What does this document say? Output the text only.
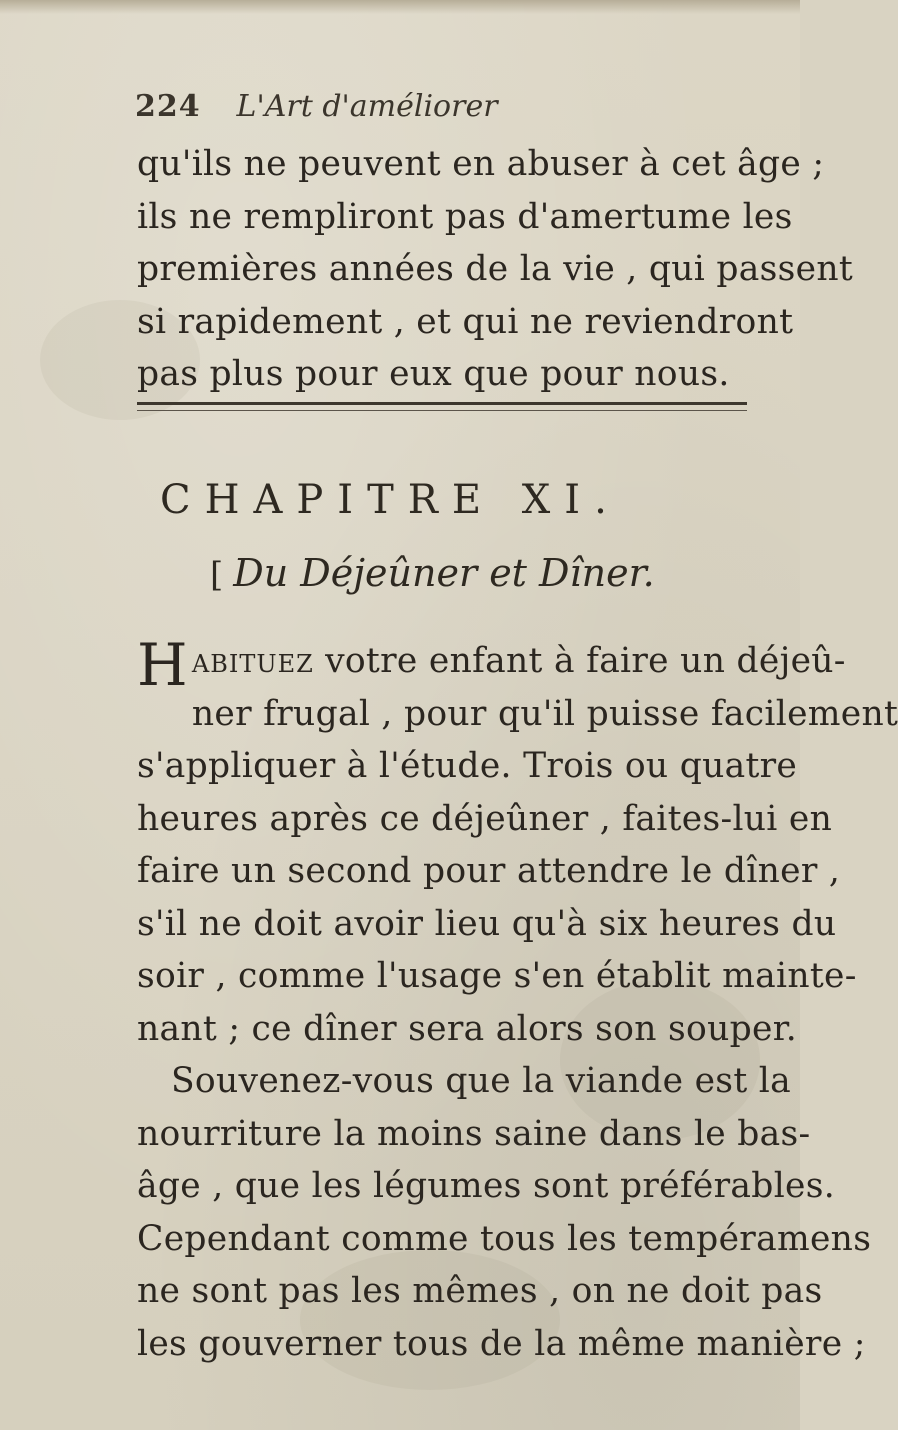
224 L'Art d'améliorer
qu'ils ne peuvent en abuser à cet âge ;
ils ne rempliront pas d'amertume les
premières années de la vie , qui passent
si rapidement , et qui ne reviendront
pas plus pour eux que pour nous.
CHAPITRE XI.
[ Du Déjeûner et Dîner.
Habituez votre enfant à faire un déjeû-
ner frugal , pour qu'il puisse facilement
s'appliquer à l'étude. Trois ou quatre
heures après ce déjeûner , faites-lui en
faire un second pour attendre le dîner ,
s'il ne doit avoir lieu qu'à six heures du
soir , comme l'usage s'en établit mainte-
nant ; ce dîner sera alors son souper.
Souvenez-vous que la viande est la
nourriture la moins saine dans le bas-
âge , que les légumes sont préférables.
Cependant comme tous les tempéramens
ne sont pas les mêmes , on ne doit pas
les gouverner tous de la même manière ;
